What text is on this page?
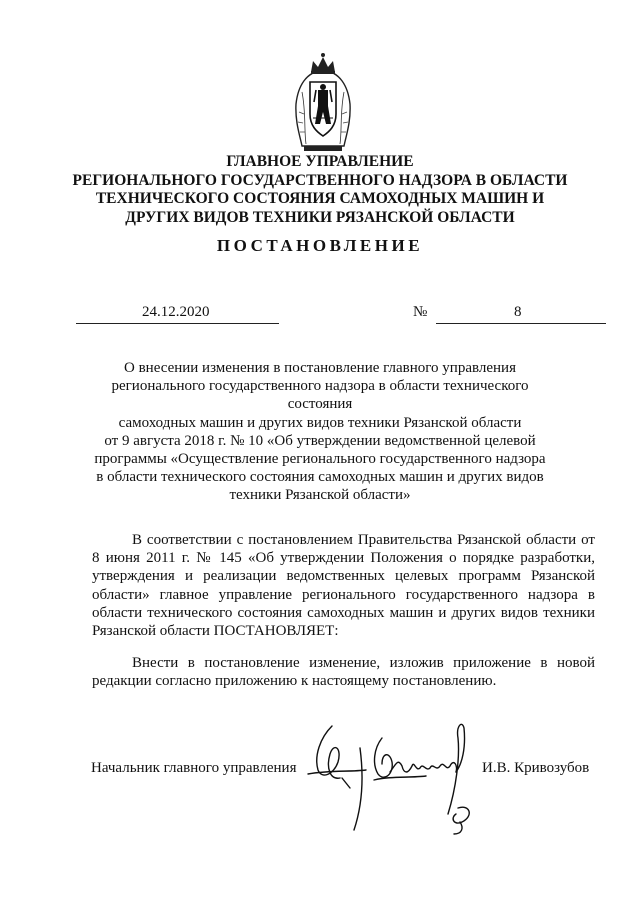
ГЛАВНОЕ УПРАВЛЕНИЕ
РЕГИОНАЛЬНОГО ГОСУДАРСТВЕННОГО НАДЗОРА В ОБЛАСТИ
ТЕХНИЧЕСКОГО СОСТОЯНИЯ САМОХОДНЫХ МАШИН И
ДРУГИХ ВИДОВ ТЕХНИКИ РЯЗАНСКОЙ ОБЛАСТИ
ПОСТАНОВЛЕНИЕ
24.12.2020	№	8
О внесении изменения в постановление главного управления
регионального государственного надзора в области технического состояния
самоходных машин и других видов техники Рязанской области
от 9 августа 2018 г. № 10 «Об утверждении ведомственной целевой
программы «Осуществление регионального государственного надзора
в области технического состояния самоходных машин и других видов
техники Рязанской области»
В соответствии с постановлением Правительства Рязанской области от 8 июня 2011 г. № 145 «Об утверждении Положения о порядке разработки, утверждения и реализации ведомственных целевых программ Рязанской области» главное управление регионального государственного надзора в области технического состояния самоходных машин и других видов техники Рязанской области ПОСТАНОВЛЯЕТ:
Внести в постановление изменение, изложив приложение в новой редакции согласно приложению к настоящему постановлению.
Начальник главного управления	И.В. Кривозубов
